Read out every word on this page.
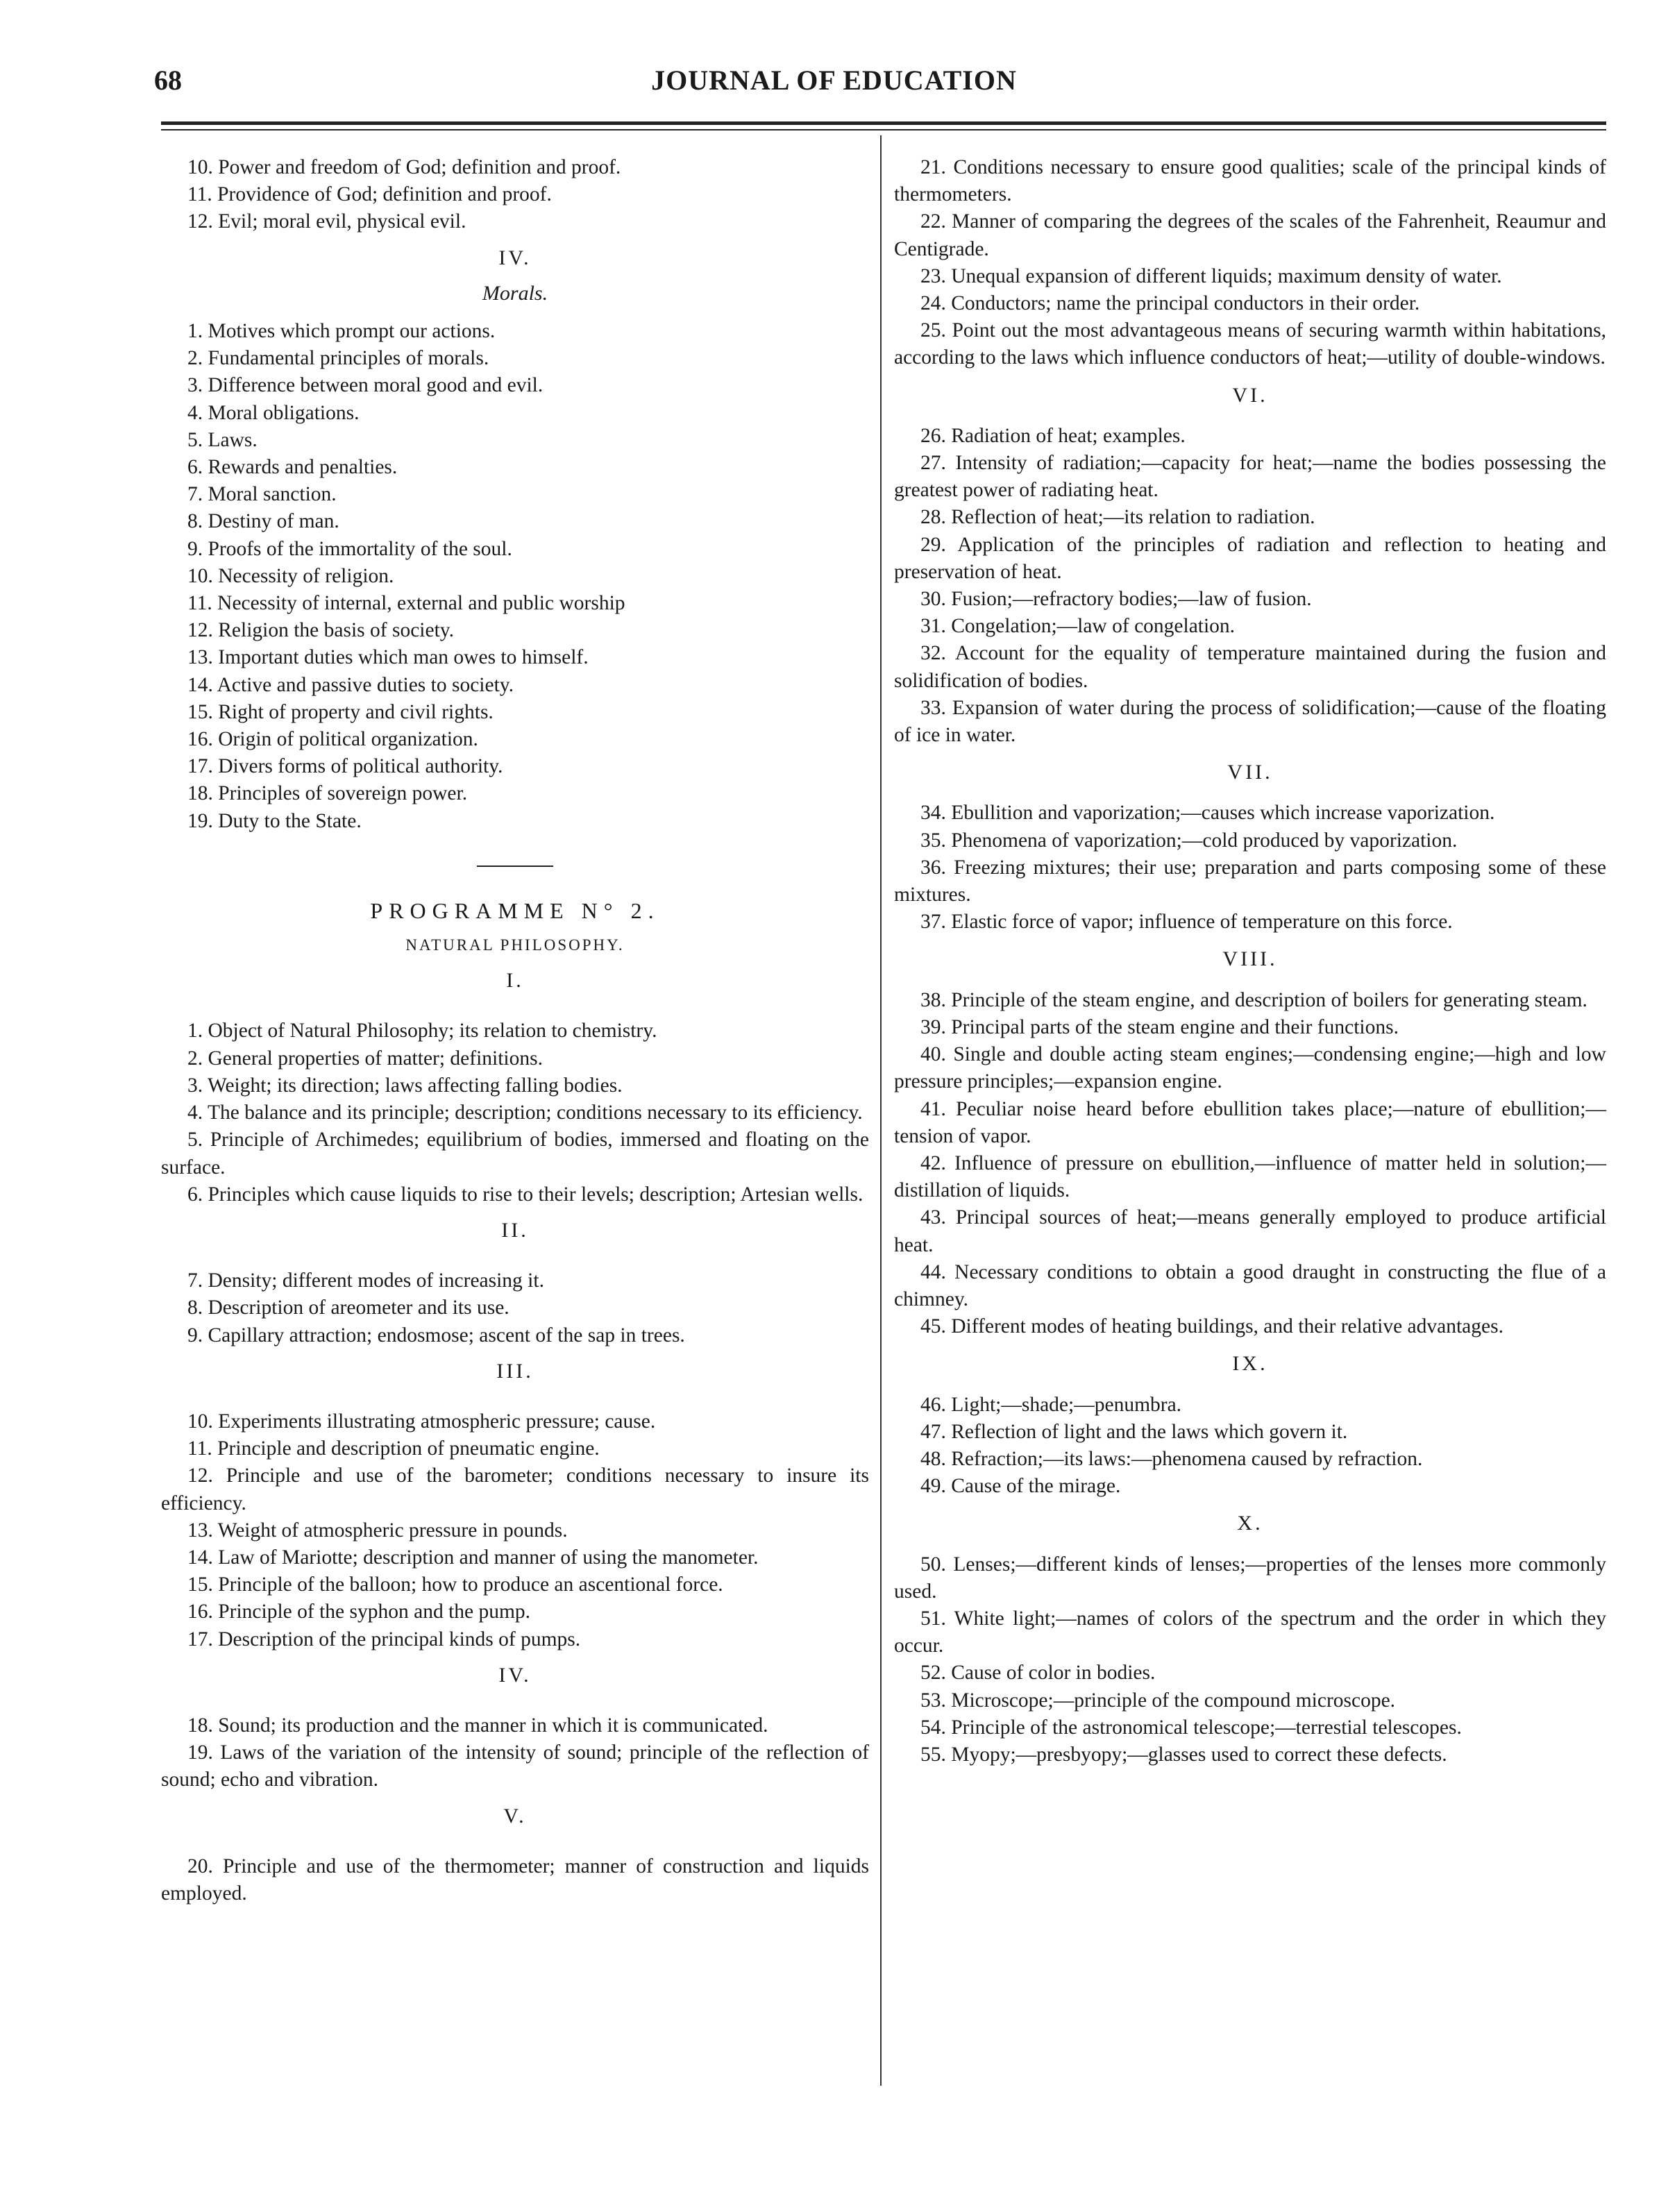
68	JOURNAL OF EDUCATION

10. Power and freedom of God; definition and proof.

11. Providence of God; definition and proof.

12. Evil; moral evil, physical evil.

IV.
Morals.

1. Motives which prompt our actions.

2. Fundamental principles of morals.

3. Difference between moral good and evil.

4. Moral obligations.

5. Laws.

6. Rewards and penalties.

7. Moral sanction.

8. Destiny of man.

9. Proofs of the immortality of the soul.

10. Necessity of religion.

11. Necessity of internal, external and public worship

12. Religion the basis of society.

13. Important duties which man owes to himself.

14. Active and passive duties to society.

15. Right of property and civil rights.

16. Origin of political organization.

17. Divers forms of political authority.

18. Principles of sovereign power.

19. Duty to the State.

PROGRAMME N° 2.
NATURAL PHILOSOPHY.
I.

1. Object of Natural Philosophy; its relation to chemistry.

2. General properties of matter; definitions.

3. Weight; its direction; laws affecting falling bodies.

4. The balance and its principle; description; conditions necessary to its efficiency.

5. Principle of Archimedes; equilibrium of bodies, immersed and floating on the surface.

6. Principles which cause liquids to rise to their levels; description; Artesian wells.

II.

7. Density; different modes of increasing it.

8. Description of areometer and its use.

9. Capillary attraction; endosmose; ascent of the sap in trees.

III.

10. Experiments illustrating atmospheric pressure; cause.

11. Principle and description of pneumatic engine.

12. Principle and use of the barometer; conditions necessary to insure its efficiency.

13. Weight of atmospheric pressure in pounds.

14. Law of Mariotte; description and manner of using the manometer.

15. Principle of the balloon; how to produce an ascentional force.

16. Principle of the syphon and the pump.

17. Description of the principal kinds of pumps.

IV.

18. Sound; its production and the manner in which it is communicated.

19. Laws of the variation of the intensity of sound; principle of the reflection of sound; echo and vibration.

V.

20. Principle and use of the thermometer; manner of construction and liquids employed.

21. Conditions necessary to ensure good qualities; scale of the principal kinds of thermometers.

22. Manner of comparing the degrees of the scales of the Fahrenheit, Reaumur and Centigrade.

23. Unequal expansion of different liquids; maximum density of water.

24. Conductors; name the principal conductors in their order.

25. Point out the most advantageous means of securing warmth within habitations, according to the laws which influence conductors of heat;—utility of double-windows.

VI.

26. Radiation of heat; examples.

27. Intensity of radiation;—capacity for heat;—name the bodies possessing the greatest power of radiating heat.

28. Reflection of heat;—its relation to radiation.

29. Application of the principles of radiation and reflection to heating and preservation of heat.

30. Fusion;—refractory bodies;—law of fusion.

31. Congelation;—law of congelation.

32. Account for the equality of temperature maintained during the fusion and solidification of bodies.

33. Expansion of water during the process of solidification;—cause of the floating of ice in water.

VII.

34. Ebullition and vaporization;—causes which increase vaporization.

35. Phenomena of vaporization;—cold produced by vaporization.

36. Freezing mixtures; their use; preparation and parts composing some of these mixtures.

37. Elastic force of vapor; influence of temperature on this force.

VIII.

38. Principle of the steam engine, and description of boilers for generating steam.

39. Principal parts of the steam engine and their functions.

40. Single and double acting steam engines;—condensing engine;—high and low pressure principles;—expansion engine.

41. Peculiar noise heard before ebullition takes place;—nature of ebullition;—tension of vapor.

42. Influence of pressure on ebullition,—influence of matter held in solution;—distillation of liquids.

43. Principal sources of heat;—means generally employed to produce artificial heat.

44. Necessary conditions to obtain a good draught in constructing the flue of a chimney.

45. Different modes of heating buildings, and their relative advantages.

IX.

46. Light;—shade;—penumbra.

47. Reflection of light and the laws which govern it.

48. Refraction;—its laws:—phenomena caused by refraction.

49. Cause of the mirage.

X.

50. Lenses;—different kinds of lenses;—properties of the lenses more commonly used.

51. White light;—names of colors of the spectrum and the order in which they occur.

52. Cause of color in bodies.

53. Microscope;—principle of the compound microscope.

54. Principle of the astronomical telescope;—terrestial telescopes.

55. Myopy;—presbyopy;—glasses used to correct these defects.
